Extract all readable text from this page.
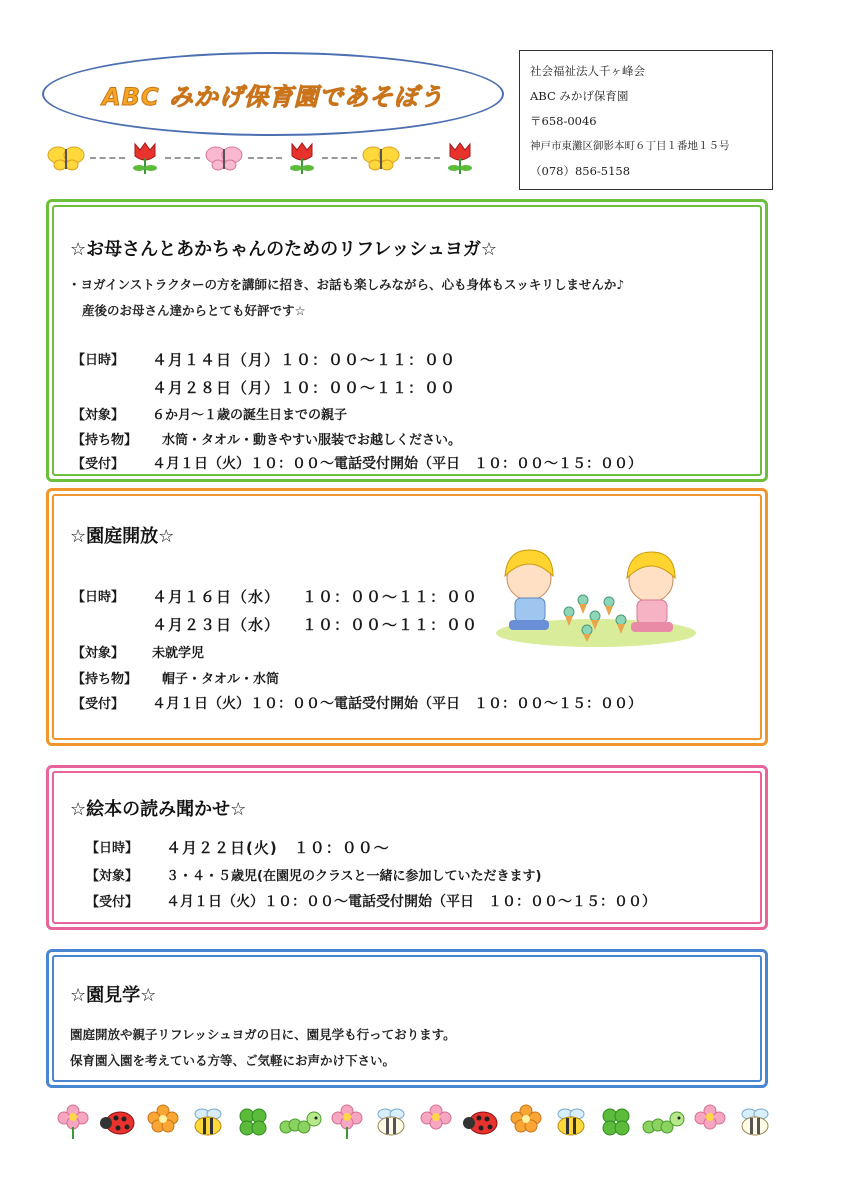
ABC みかげ保育園であそぼう
社会福祉法人千ヶ峰会
ABC みかげ保育園
〒658-0046
神戸市東灘区御影本町６丁目１番地１５号
（078）856-5158
☆お母さんとあかちゃんのためのリフレッシュヨガ☆
・ヨガインストラクターの方を講師に招き、お話も楽しみながら、心も身体もスッキリしませんか♪
産後のお母さん達からとても好評です☆
【日時】	４月１４日（月）１０：００～１１：００
４月２８日（月）１０：００～１１：００
【対象】	６か月～１歳の誕生日までの親子
【持ち物】	水筒・タオル・動きやすい服装でお越しください。
【受付】	４月１日（火）１０：００～電話受付開始（平日　１０：００～１５：００）
☆園庭開放☆
【日時】	４月１６日（水）	１０：００～１１：００
４月２３日（水）	１０：００～１１：００
【対象】	未就学児
【持ち物】	帽子・タオル・水筒
【受付】	４月１日（火）１０：００～電話受付開始（平日　１０：００～１５：００）
☆絵本の読み聞かせ☆
【日時】	４月２２日(火)　１０：００～
【対象】	３・４・５歳児(在園児のクラスと一緒に参加していただきます)
【受付】	４月１日（火）１０：００～電話受付開始（平日　１０：００～１５：００）
☆園見学☆
園庭開放や親子リフレッシュヨガの日に、園見学も行っております。
保育園入園を考えている方等、ご気軽にお声かけ下さい。
